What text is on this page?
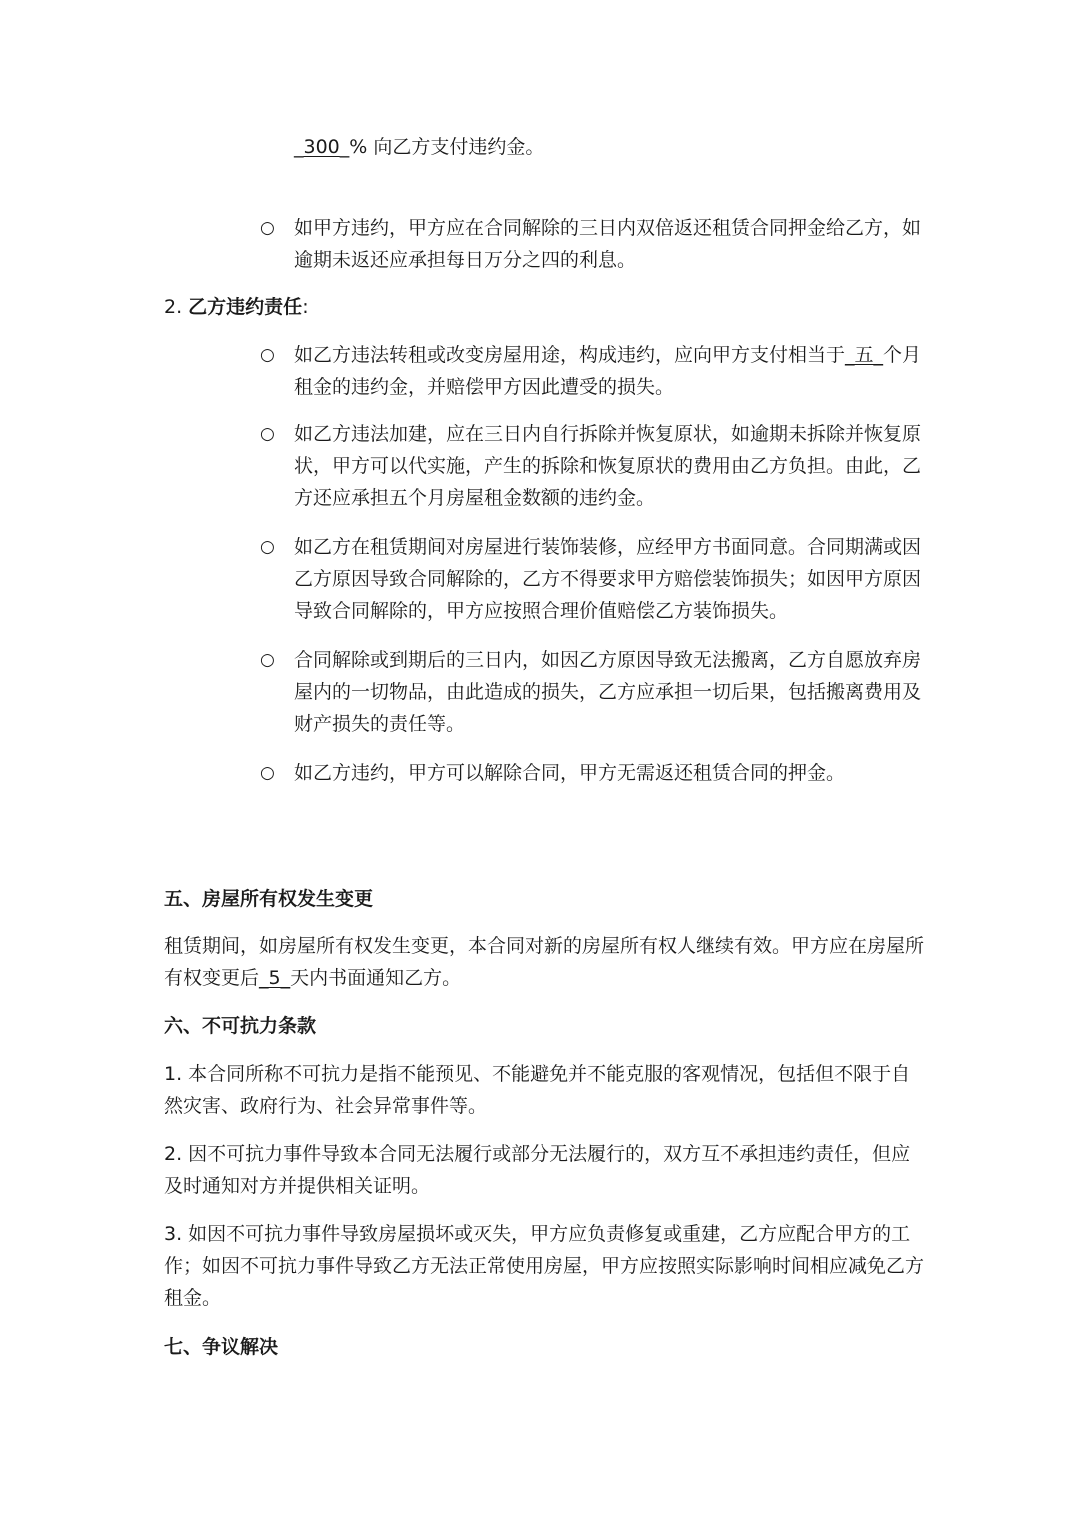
_300_% 向乙方支付违约金。

○ 如甲方违约，甲方应在合同解除的三日内双倍返还租赁合同押金给乙方，如逾期未返还应承担每日万分之四的利息。

2. 乙方违约责任:

○ 如乙方违法转租或改变房屋用途，构成违约，应向甲方支付相当于_五_个月租金的违约金，并赔偿甲方因此遭受的损失。

○ 如乙方违法加建，应在三日内自行拆除并恢复原状，如逾期未拆除并恢复原状，甲方可以代实施，产生的拆除和恢复原状的费用由乙方负担。由此，乙方还应承担五个月房屋租金数额的违约金。

○ 如乙方在租赁期间对房屋进行装饰装修，应经甲方书面同意。合同期满或因乙方原因导致合同解除的，乙方不得要求甲方赔偿装饰损失；如因甲方原因导致合同解除的，甲方应按照合理价值赔偿乙方装饰损失。

○ 合同解除或到期后的三日内，如因乙方原因导致无法搬离，乙方自愿放弃房屋内的一切物品，由此造成的损失，乙方应承担一切后果，包括搬离费用及财产损失的责任等。

○ 如乙方违约，甲方可以解除合同，甲方无需返还租赁合同的押金。

五、房屋所有权发生变更

租赁期间，如房屋所有权发生变更，本合同对新的房屋所有权人继续有效。甲方应在房屋所有权变更后_5_天内书面通知乙方。

六、不可抗力条款

1. 本合同所称不可抗力是指不能预见、不能避免并不能克服的客观情况，包括但不限于自然灾害、政府行为、社会异常事件等。

2. 因不可抗力事件导致本合同无法履行或部分无法履行的，双方互不承担违约责任，但应及时通知对方并提供相关证明。

3. 如因不可抗力事件导致房屋损坏或灭失，甲方应负责修复或重建，乙方应配合甲方的工作；如因不可抗力事件导致乙方无法正常使用房屋，甲方应按照实际影响时间相应减免乙方租金。

七、争议解决
